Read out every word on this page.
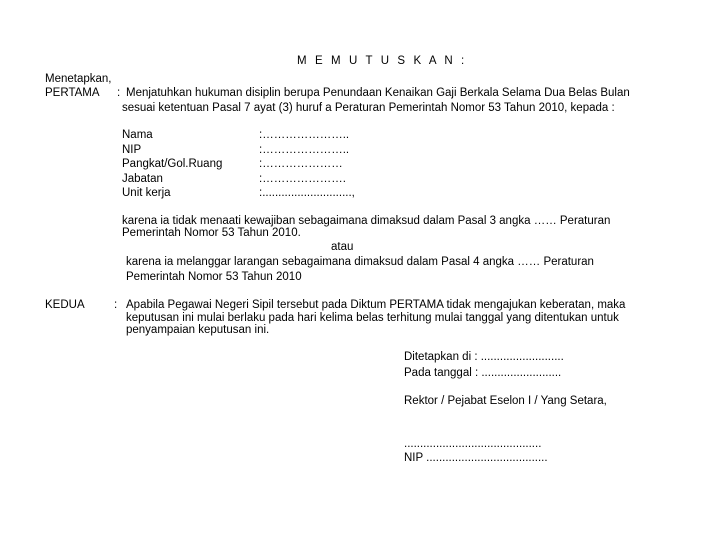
M E M U T U S K A N :
Menetapkan,
PERTAMA : Menjatuhkan hukuman disiplin berupa Penundaan Kenaikan Gaji Berkala Selama Dua Belas Bulan
sesuai ketentuan Pasal 7 ayat (3) huruf a Peraturan Pemerintah Nomor 53 Tahun 2010, kepada :
Nama	:…………………..
NIP	:…………………..
Pangkat/Gol.Ruang	:…………………
Jabatan	:………………….
Unit kerja	:............................,
karena ia tidak menaati kewajiban sebagaimana dimaksud dalam Pasal 3 angka …… Peraturan
Pemerintah Nomor 53 Tahun 2010.
atau
karena ia melanggar larangan sebagaimana dimaksud dalam Pasal 4 angka …… Peraturan
Pemerintah Nomor 53 Tahun 2010
KEDUA	: Apabila Pegawai Negeri Sipil tersebut pada Diktum PERTAMA tidak mengajukan keberatan, maka
keputusan ini mulai berlaku pada hari kelima belas terhitung mulai tanggal yang ditentukan untuk
penyampaian keputusan ini.
Ditetapkan di : ..........................
Pada tanggal : .........................
Rektor / Pejabat Eselon I / Yang Setara,
...........................................
NIP ......................................
